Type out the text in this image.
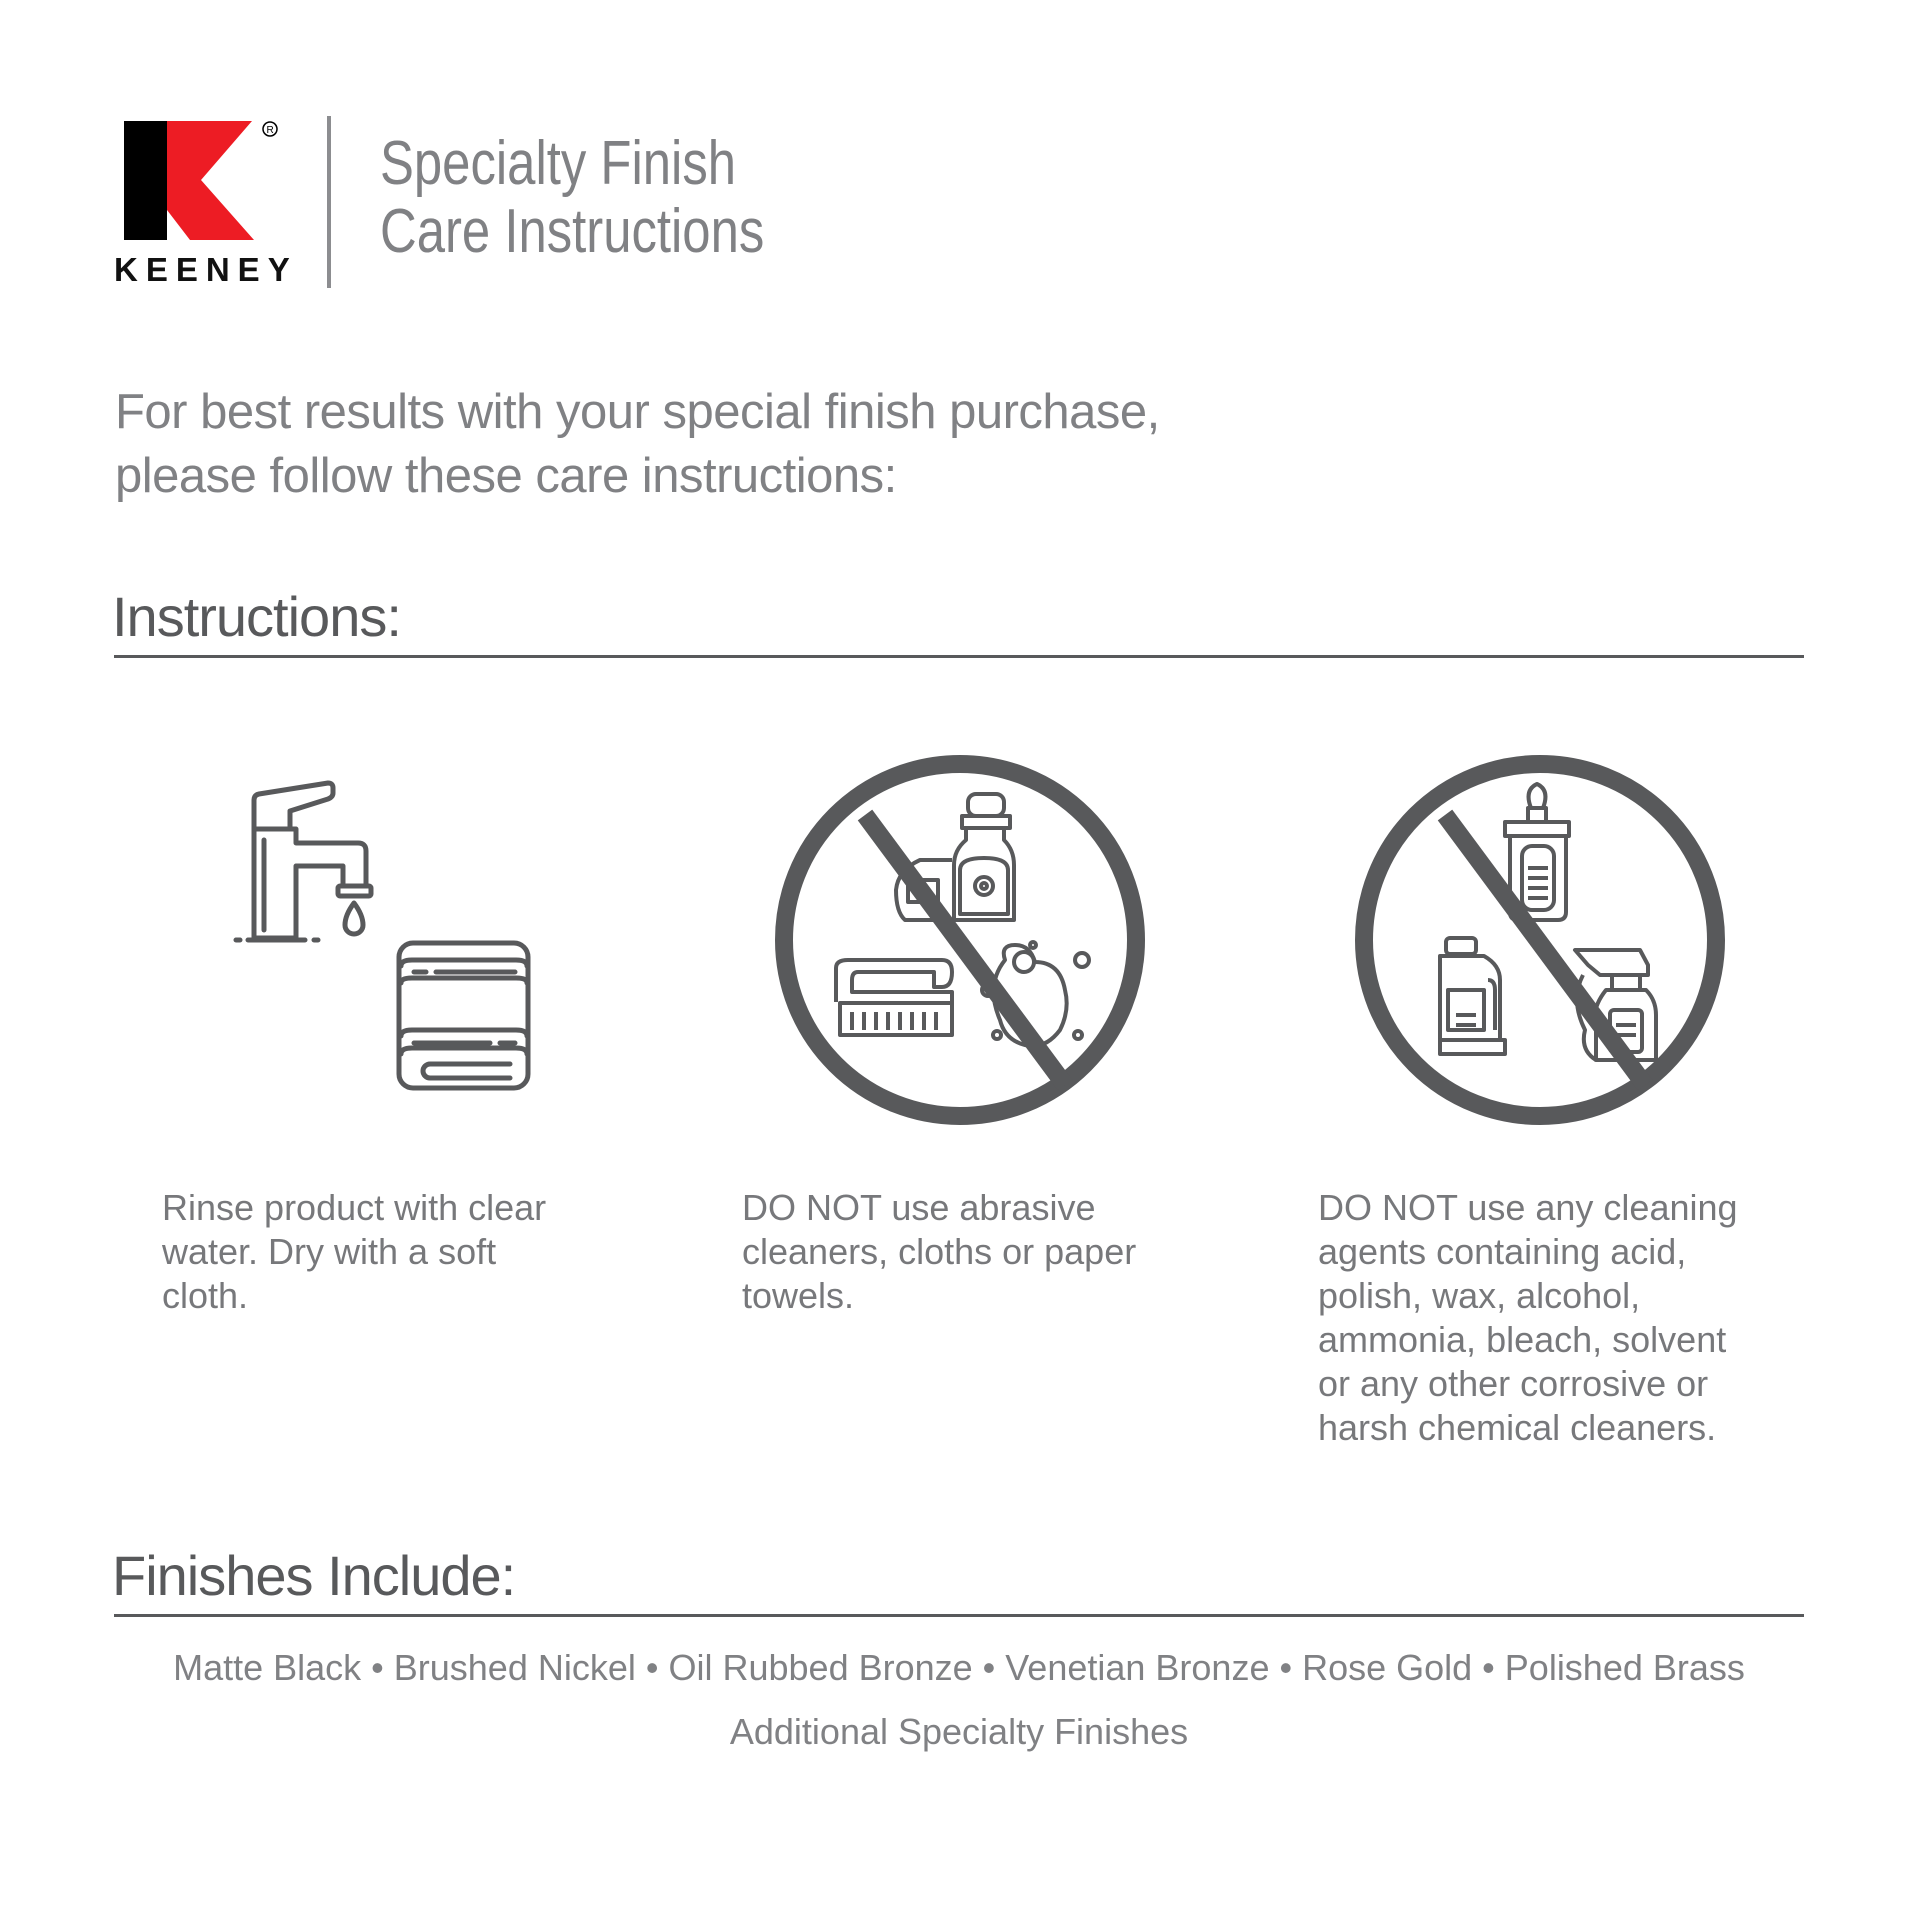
R
KEENEY
Specialty Finish
Care Instructions
For best results with your special finish purchase,
please follow these care instructions:
Instructions:
Rinse product with clear
water. Dry with a soft
cloth.
DO NOT use abrasive
cleaners, cloths or paper
towels.
DO NOT use any cleaning
agents containing acid,
polish, wax, alcohol,
ammonia, bleach, solvent
or any other corrosive or
harsh chemical cleaners.
Finishes Include:
Matte Black • Brushed Nickel • Oil Rubbed Bronze • Venetian Bronze • Rose Gold • Polished Brass
Additional Specialty Finishes
